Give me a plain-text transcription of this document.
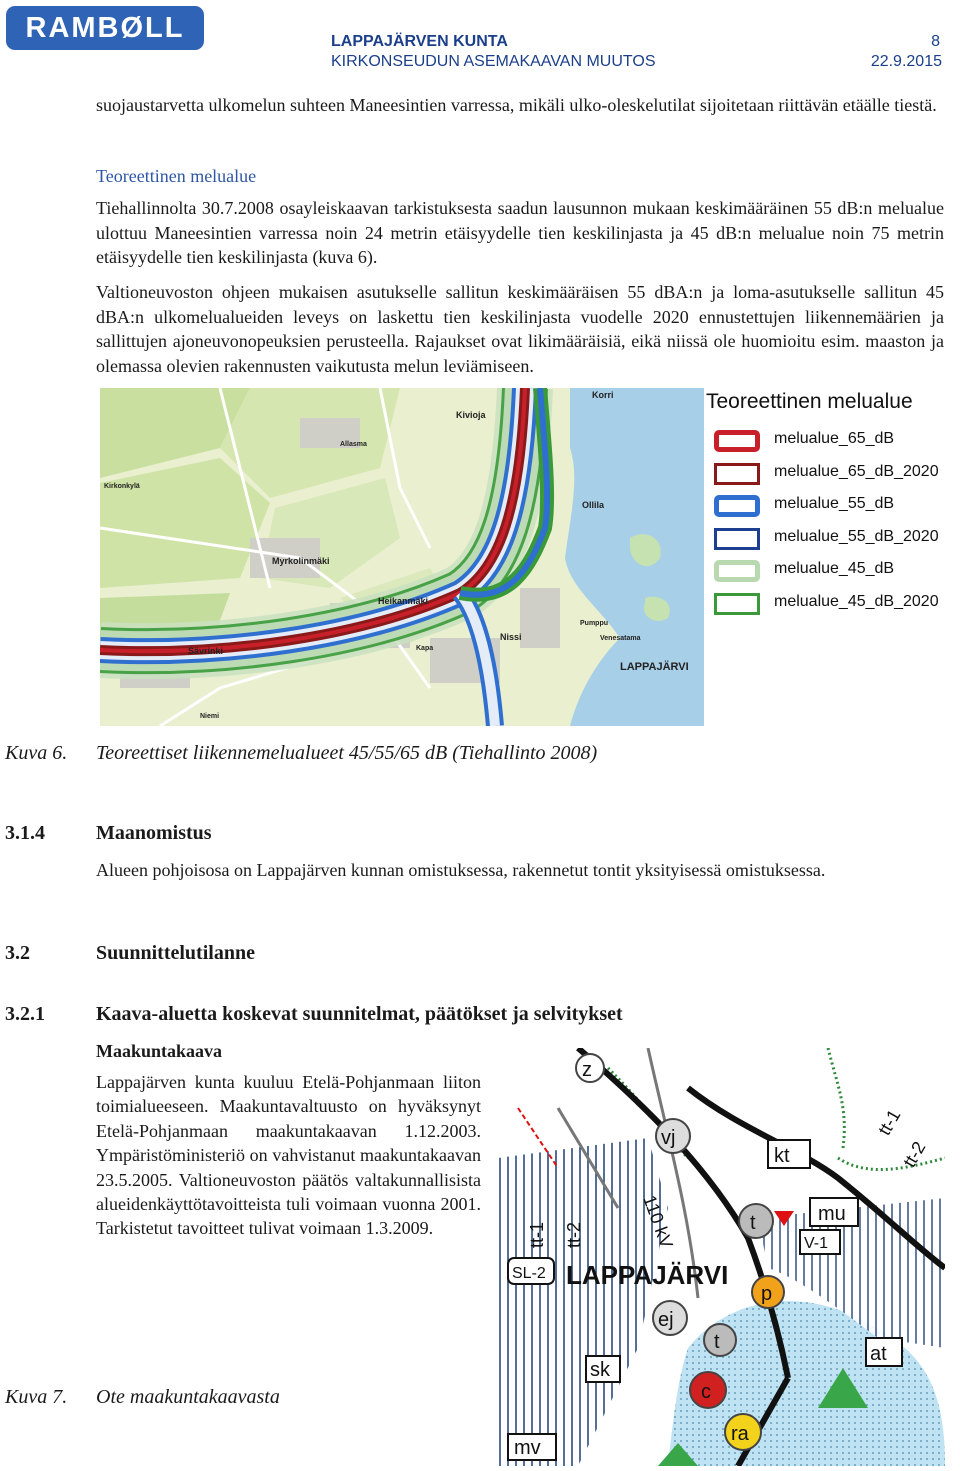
RAMBØLL	LAPPAJÄRVEN KUNTA
KIRKONSEUDUN ASEMAKAAVAN MUUTOS
8
22.9.2015
suojaustarvetta ulkomelun suhteen Maneesintien varressa, mikäli ulko-oleskelutilat sijoitetaan riittävän etäälle tiestä.
Teoreettinen melualue
Tiehallinnolta 30.7.2008 osayleiskaavan tarkistuksesta saadun lausunnon mukaan keskimääräinen 55 dB:n melualue ulottuu Maneesintien varressa noin 24 metrin etäisyydelle tien keskilinjasta ja 45 dB:n melualue noin 75 metrin etäisyydelle tien keskilinjasta (kuva 6).
Valtioneuvoston ohjeen mukaisen asutukselle sallitun keskimääräisen 55 dBA:n ja loma-asutukselle sallitun 45 dBA:n ulkomelualueiden leveys on laskettu tien keskilinjasta vuodelle 2020 ennustettujen liikennemäärien ja sallittujen ajoneuvonopeuksien perusteella. Rajaukset ovat likimääräisiä, eikä niissä ole huomioitu esim. maaston ja olemassa olevien rakennusten vaikutusta melun leviämiseen.
Korri
Kivioja
Allasma
Kirkonkylä
Ollila
Myrkolinmäki
Heikanmäki
Pumppu
Venesatama
Nissi
Sävrinki
LAPPAJÄRVI
Niemi
Kapa
Teoreettinen melualue
melualue_65_dB
melualue_65_dB_2020
melualue_55_dB
melualue_55_dB_2020
melualue_45_dB
melualue_45_dB_2020
Kuva 6. Teoreettiset liikennemelualueet 45/55/65 dB (Tiehallinto 2008)
3.1.4	Maanomistus
Alueen pohjoisosa on Lappajärven kunnan omistuksessa, rakennetut tontit yksityisessä omistuksessa.
3.2	Suunnittelutilanne
3.2.1	Kaava-aluetta koskevat suunnitelmat, päätökset ja selvitykset
Maakuntakaava
Lappajärven kunta kuuluu Etelä-Pohjanmaan liiton toimialueeseen. Maakuntavaltuusto on hyväksynyt Etelä-Pohjanmaan maakuntakaavan 1.12.2003. Ympäristöministeriö on vahvistanut maakuntakaavan 23.5.2005. Valtioneuvoston päätös valtakunnallisista alueidenkäyttötavoitteista tuli voimaan vuonna 2001. Tarkistetut tavoitteet tulivat voimaan 1.3.2009.
z
vj
kt
tt-1
tt-2
tt-1 tt-2	110 kV	t	mu
V-1
SL-2 LAPPAJÄRVI
p
ej
t
sk
c
at
ra
mv
Kuva 7. Ote maakuntakaavasta
